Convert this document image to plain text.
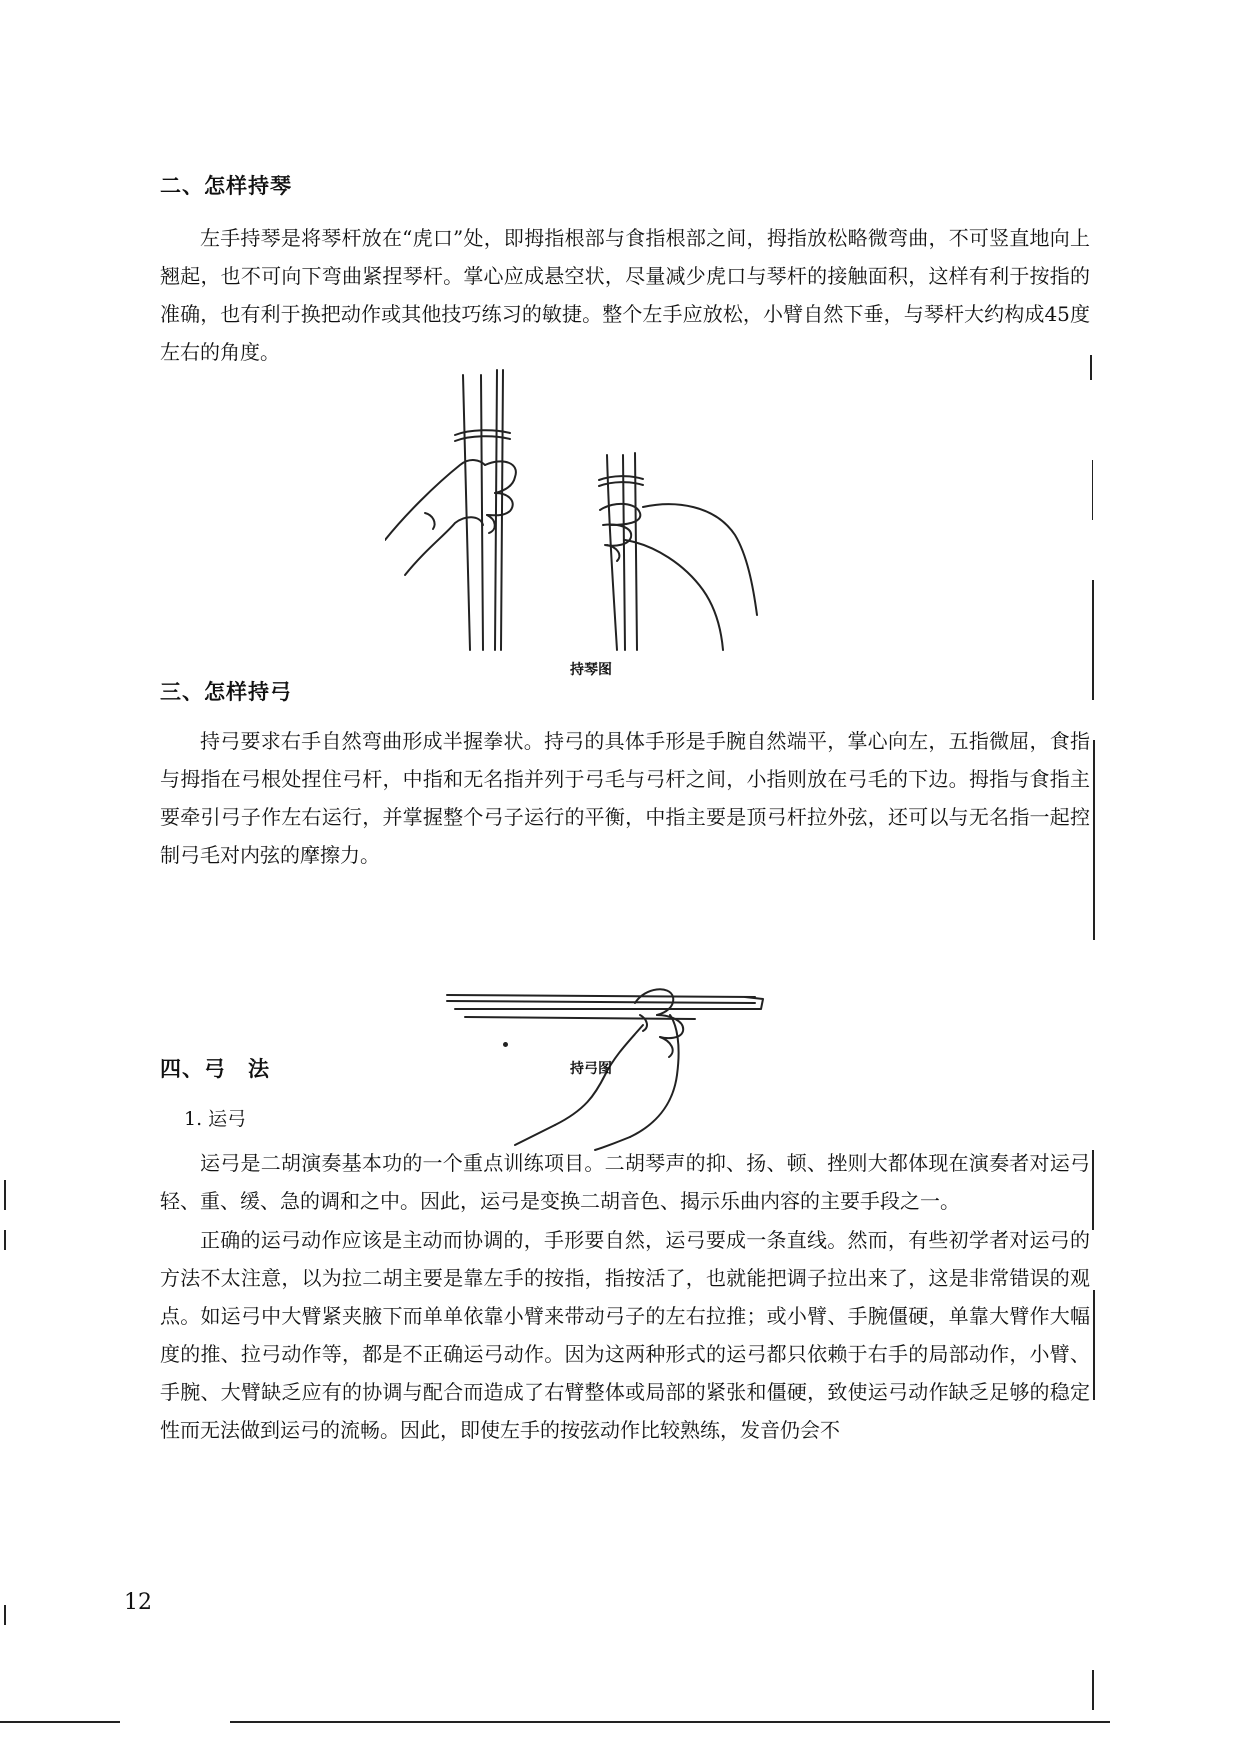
二、怎样持琴

左手持琴是将琴杆放在“虎口”处，即拇指根部与食指根部之间，拇指放松略微弯曲，不可竖直地向上翘起，也不可向下弯曲紧捏琴杆。掌心应成悬空状，尽量减少虎口与琴杆的接触面积，这样有利于按指的准确，也有利于换把动作或其他技巧练习的敏捷。整个左手应放松，小臂自然下垂，与琴杆大约构成45度左右的角度。

持琴图
三、怎样持弓

持弓要求右手自然弯曲形成半握拳状。持弓的具体手形是手腕自然端平，掌心向左，五指微屈，食指与拇指在弓根处捏住弓杆，中指和无名指并列于弓毛与弓杆之间，小指则放在弓毛的下边。拇指与食指主要牵引弓子作左右运行，并掌握整个弓子运行的平衡，中指主要是顶弓杆拉外弦，还可以与无名指一起控制弓毛对内弦的摩擦力。

四、弓　法	持弓图
1. 运弓

运弓是二胡演奏基本功的一个重点训练项目。二胡琴声的抑、扬、顿、挫则大都体现在演奏者对运弓轻、重、缓、急的调和之中。因此，运弓是变换二胡音色、揭示乐曲内容的主要手段之一。

正确的运弓动作应该是主动而协调的，手形要自然，运弓要成一条直线。然而，有些初学者对运弓的方法不太注意，以为拉二胡主要是靠左手的按指，指按活了，也就能把调子拉出来了，这是非常错误的观点。如运弓中大臂紧夹腋下而单单依靠小臂来带动弓子的左右拉推；或小臂、手腕僵硬，单靠大臂作大幅度的推、拉弓动作等，都是不正确运弓动作。因为这两种形式的运弓都只依赖于右手的局部动作，小臂、手腕、大臂缺乏应有的协调与配合而造成了右臂整体或局部的紧张和僵硬，致使运弓动作缺乏足够的稳定性而无法做到运弓的流畅。因此，即使左手的按弦动作比较熟练，发音仍会不

12
